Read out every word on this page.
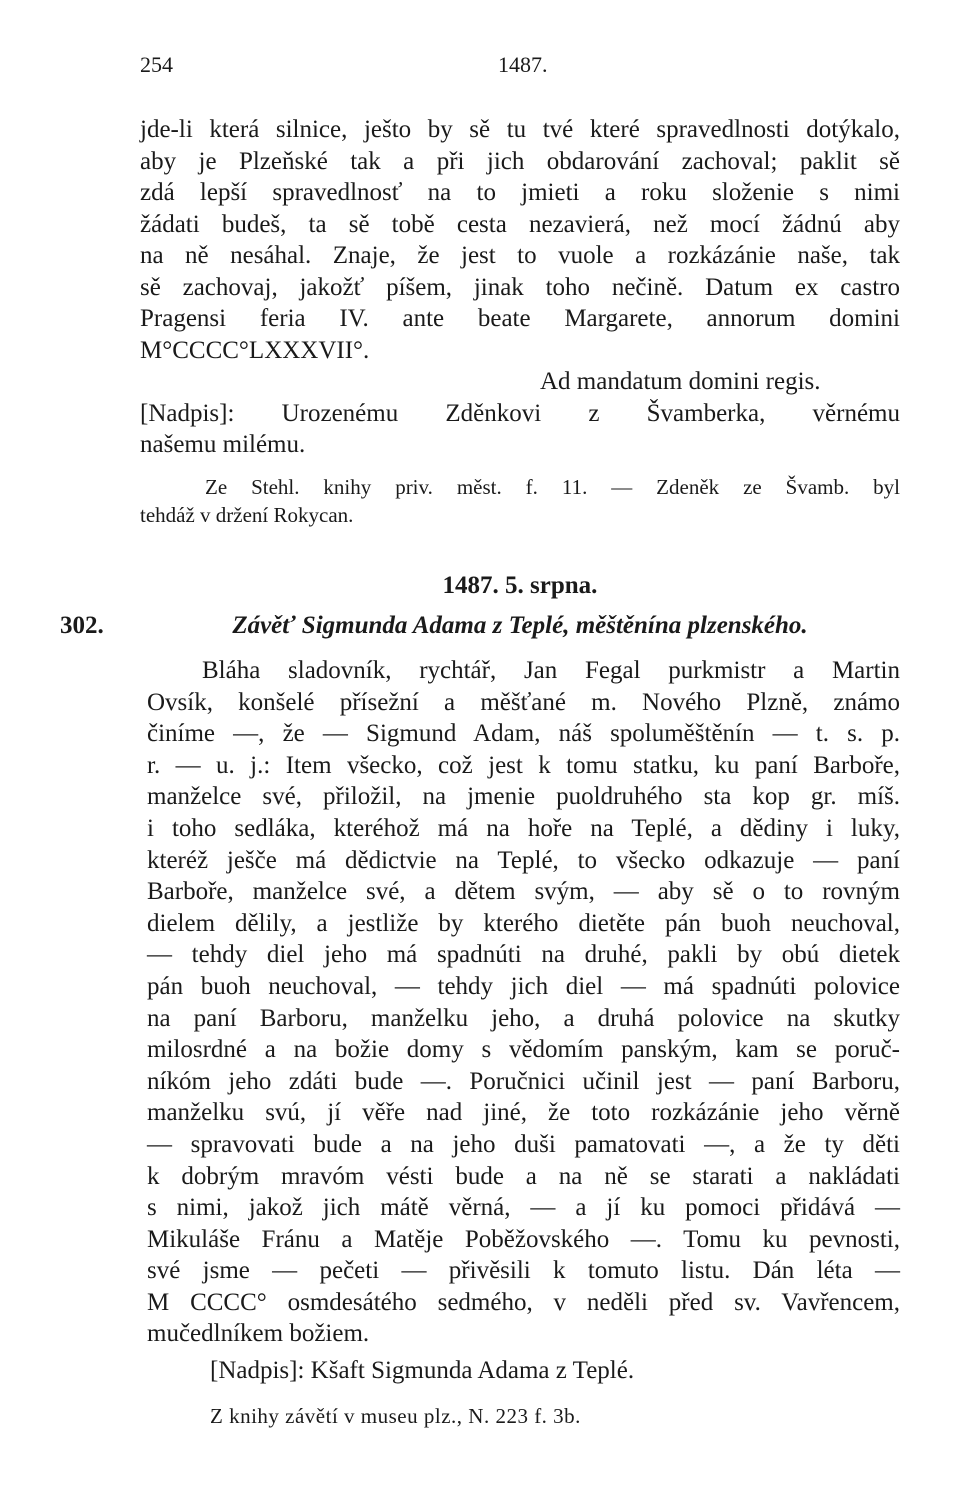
254	1487.

jde-li která silnice, ješto by sě tu tvé které spravedlnosti dotýkalo,
aby je Plzeňské tak a při jich obdarování zachoval; paklit sě
zdá lepší spravedlnosť na to jmieti a roku složenie s nimi
žádati budeš, ta sě tobě cesta nezavierá, než mocí žádnú aby
na ně nesáhal. Znaje, že jest to vuole a rozkázánie naše, tak
sě zachovaj, jakožť píšem, jinak toho nečině. Datum ex castro
Pragensi feria IV. ante beate Margarete, annorum domini
M°CCCC°LXXXVII°.

Ad mandatum domini regis.

[Nadpis]: Urozenému Zděnkovi z Švamberka, věrnému

našemu milému.

Ze Stehl. knihy priv. měst. f. 11. — Zdeněk ze Švamb. byl
tehdáž v držení Rokycan.
1487. 5. srpna.
302.	Závěť Sigmunda Adama z Teplé, měštěnína plzenského.
Bláha sladovník, rychtář, Jan Fegal purkmistr a Martin
Ovsík, konšelé přísežní a měšťané m. Nového Plzně, známo
činíme —, že — Sigmund Adam, náš spoluměštěnín — t. s. p.
r. — u. j.: Item všecko, což jest k tomu statku, ku paní Barboře,
manželce své, přiložil, na jmenie puoldruhého sta kop gr. míš.
i toho sedláka, kteréhož má na hoře na Teplé, a dědiny i luky,
kteréž ješče má dědictvie na Teplé, to všecko odkazuje — paní
Barboře, manželce své, a dětem svým, — aby sě o to rovným
dielem dělily, a jestliže by kterého dietěte pán buoh neuchoval,
— tehdy diel jeho má spadnúti na druhé, pakli by obú dietek
pán buoh neuchoval, — tehdy jich diel — má spadnúti polovice
na paní Barboru, manželku jeho, a druhá polovice na skutky
milosrdné a na božie domy s vědomím panským, kam se poruč-
níkóm jeho zdáti bude —. Poručnici učinil jest — paní Barboru,
manželku svú, jí věře nad jiné, že toto rozkázánie jeho věrně
— spravovati bude a na jeho duši pamatovati —, a že ty děti
k dobrým mravóm vésti bude a na ně se starati a nakládati
s nimi, jakož jich mátě věrná, — a jí ku pomoci přidává —
Mikuláše Fránu a Matěje Poběžovského —. Tomu ku pevnosti,
své jsme — pečeti — přivěsili k tomuto listu. Dán léta —
M CCCC° osmdesátého sedmého, v neděli před sv. Vavřencem,
mučedlníkem božiem.
[Nadpis]: Kšaft Sigmunda Adama z Teplé.
Z knihy závětí v museu plz., N. 223 f. 3b.
